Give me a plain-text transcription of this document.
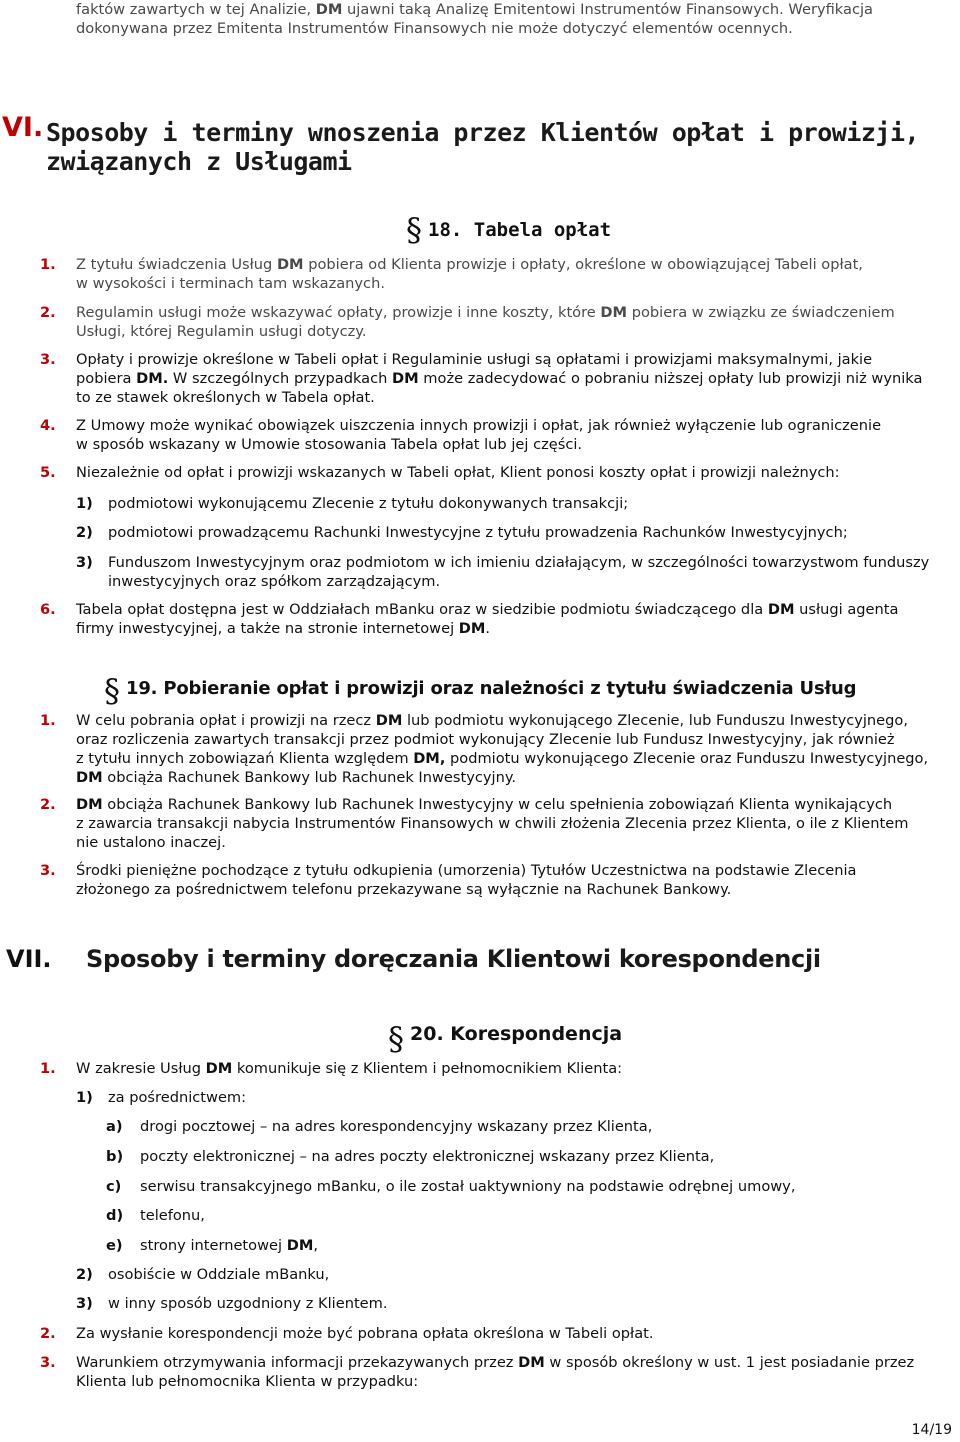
faktów zawartych w tej Analizie, DM ujawni taką Analizę Emitentowi Instrumentów Finansowych. Weryfikacja
dokonywana przez Emitenta Instrumentów Finansowych nie może dotyczyć elementów ocennych.
VI. Sposoby i terminy wnoszenia przez Klientów opłat i prowizji,
związanych z Usługami
§ 18. Tabela opłat
1. Z tytułu świadczenia Usług DM pobiera od Klienta prowizje i opłaty, określone w obowiązującej Tabeli opłat,
w wysokości i terminach tam wskazanych.
2. Regulamin usługi może wskazywać opłaty, prowizje i inne koszty, które DM pobiera w związku ze świadczeniem
Usługi, której Regulamin usługi dotyczy.
3. Opłaty i prowizje określone w Tabeli opłat i Regulaminie usługi są opłatami i prowizjami maksymalnymi, jakie
pobiera DM. W szczególnych przypadkach DM może zadecydować o pobraniu niższej opłaty lub prowizji niż wynika
to ze stawek określonych w Tabela opłat.
4. Z Umowy może wynikać obowiązek uiszczenia innych prowizji i opłat, jak również wyłączenie lub ograniczenie
w sposób wskazany w Umowie stosowania Tabela opłat lub jej części.
5. Niezależnie od opłat i prowizji wskazanych w Tabeli opłat, Klient ponosi koszty opłat i prowizji należnych:
1) podmiotowi wykonującemu Zlecenie z tytułu dokonywanych transakcji;
2) podmiotowi prowadzącemu Rachunki Inwestycyjne z tytułu prowadzenia Rachunków Inwestycyjnych;
3) Funduszom Inwestycyjnym oraz podmiotom w ich imieniu działającym, w szczególności towarzystwom funduszy
inwestycyjnych oraz spółkom zarządzającym.
6. Tabela opłat dostępna jest w Oddziałach mBanku oraz w siedzibie podmiotu świadczącego dla DM usługi agenta
firmy inwestycyjnej, a także na stronie internetowej DM.
§ 19. Pobieranie opłat i prowizji oraz należności z tytułu świadczenia Usług
1. W celu pobrania opłat i prowizji na rzecz DM lub podmiotu wykonującego Zlecenie, lub Funduszu Inwestycyjnego,
oraz rozliczenia zawartych transakcji przez podmiot wykonujący Zlecenie lub Fundusz Inwestycyjny, jak również
z tytułu innych zobowiązań Klienta względem DM, podmiotu wykonującego Zlecenie oraz Funduszu Inwestycyjnego,
DM obciąża Rachunek Bankowy lub Rachunek Inwestycyjny.
2. DM obciąża Rachunek Bankowy lub Rachunek Inwestycyjny w celu spełnienia zobowiązań Klienta wynikających
z zawarcia transakcji nabycia Instrumentów Finansowych w chwili złożenia Zlecenia przez Klienta, o ile z Klientem
nie ustalono inaczej.
3. Środki pieniężne pochodzące z tytułu odkupienia (umorzenia) Tytułów Uczestnictwa na podstawie Zlecenia
złożonego za pośrednictwem telefonu przekazywane są wyłącznie na Rachunek Bankowy.
VII. Sposoby i terminy doręczania Klientowi korespondencji
§ 20. Korespondencja
1. W zakresie Usług DM komunikuje się z Klientem i pełnomocnikiem Klienta:
1) za pośrednictwem:
a) drogi pocztowej – na adres korespondencyjny wskazany przez Klienta,
b) poczty elektronicznej – na adres poczty elektronicznej wskazany przez Klienta,
c) serwisu transakcyjnego mBanku, o ile został uaktywniony na podstawie odrębnej umowy,
d) telefonu,
e) strony internetowej DM,
2) osobiście w Oddziale mBanku,
3) w inny sposób uzgodniony z Klientem.
2. Za wysłanie korespondencji może być pobrana opłata określona w Tabeli opłat.
3. Warunkiem otrzymywania informacji przekazywanych przez DM w sposób określony w ust. 1 jest posiadanie przez
Klienta lub pełnomocnika Klienta w przypadku:
14/19
